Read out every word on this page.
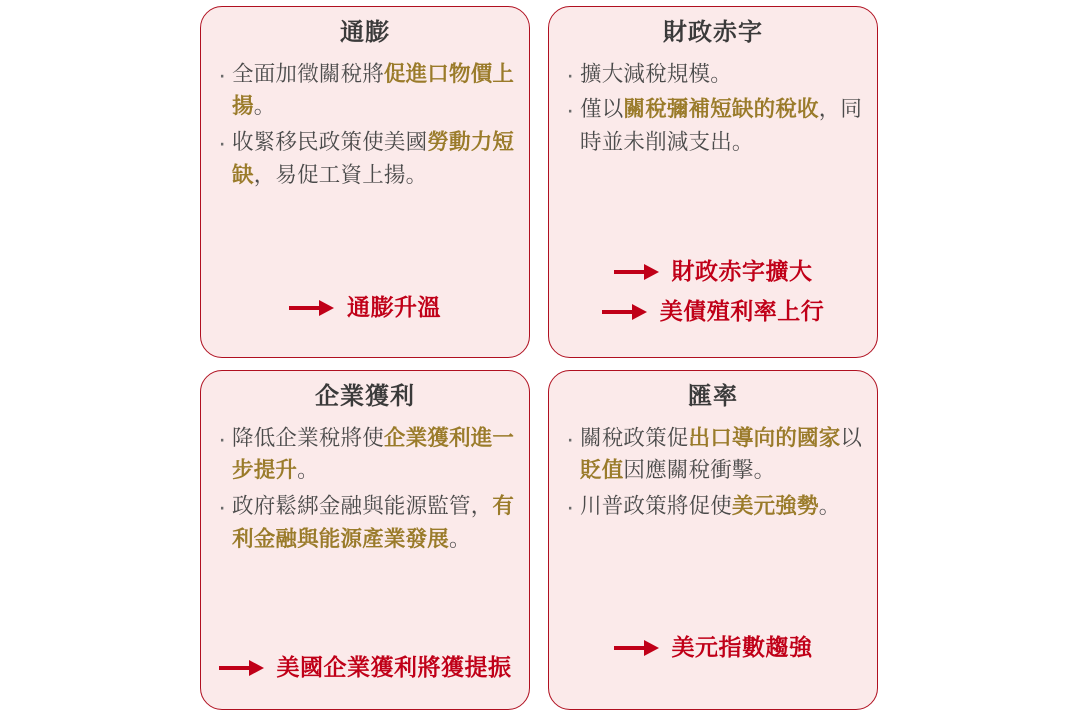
通膨
· 全面加徵關稅將促進口物價上揚。
· 收緊移民政策使美國勞動力短缺，易促工資上揚。
通膨升溫
財政赤字
· 擴大減稅規模。
· 僅以關稅彌補短缺的稅收，同時並未削減支出。
財政赤字擴大
美債殖利率上行
企業獲利
· 降低企業稅將使企業獲利進一步提升。
· 政府鬆綁金融與能源監管，有利金融與能源產業發展。
美國企業獲利將獲提振
匯率
· 關稅政策促出口導向的國家以貶值因應關稅衝擊。
· 川普政策將促使美元強勢。
美元指數趨強
